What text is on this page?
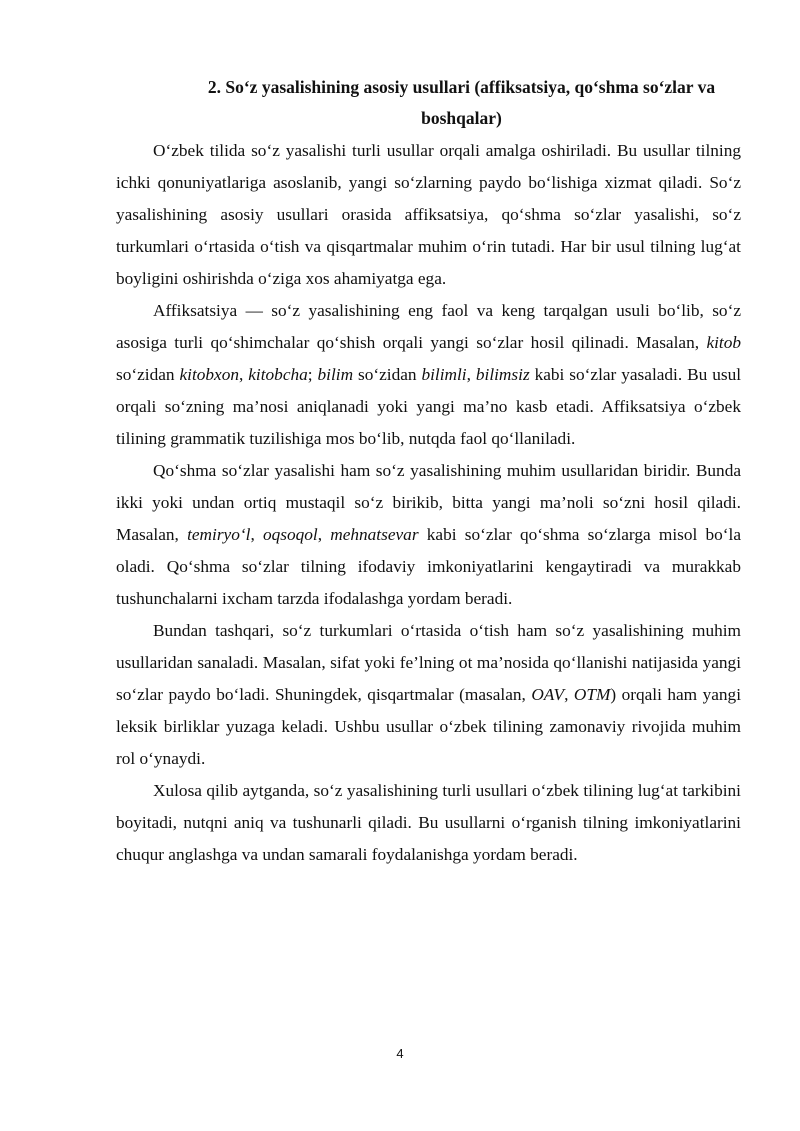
2. So‘z yasalishining asosiy usullari (affiksatsiya, qo‘shma so‘zlar va boshqalar)

O‘zbek tilida so‘z yasalishi turli usullar orqali amalga oshiriladi. Bu usullar tilning ichki qonuniyatlariga asoslanib, yangi so‘zlarning paydo bo‘lishiga xizmat qiladi. So‘z yasalishining asosiy usullari orasida affiksatsiya, qo‘shma so‘zlar yasalishi, so‘z turkumlari o‘rtasida o‘tish va qisqartmalar muhim o‘rin tutadi. Har bir usul tilning lug‘at boyligini oshirishda o‘ziga xos ahamiyatga ega.

Affiksatsiya — so‘z yasalishining eng faol va keng tarqalgan usuli bo‘lib, so‘z asosiga turli qo‘shimchalar qo‘shish orqali yangi so‘zlar hosil qilinadi. Masalan, kitob so‘zidan kitobxon, kitobcha; bilim so‘zidan bilimli, bilimsiz kabi so‘zlar yasaladi. Bu usul orqali so‘zning ma’nosi aniqlanadi yoki yangi ma’no kasb etadi. Affiksatsiya o‘zbek tilining grammatik tuzilishiga mos bo‘lib, nutqda faol qo‘llaniladi.

Qo‘shma so‘zlar yasalishi ham so‘z yasalishining muhim usullaridan biridir. Bunda ikki yoki undan ortiq mustaqil so‘z birikib, bitta yangi ma’noli so‘zni hosil qiladi. Masalan, temiryo‘l, oqsoqol, mehnatsevar kabi so‘zlar qo‘shma so‘zlarga misol bo‘la oladi. Qo‘shma so‘zlar tilning ifodaviy imkoniyatlarini kengaytiradi va murakkab tushunchalarni ixcham tarzda ifodalashga yordam beradi.

Bundan tashqari, so‘z turkumlari o‘rtasida o‘tish ham so‘z yasalishining muhim usullaridan sanaladi. Masalan, sifat yoki fe’lning ot ma’nosida qo‘llanishi natijasida yangi so‘zlar paydo bo‘ladi. Shuningdek, qisqartmalar (masalan, OAV, OTM) orqali ham yangi leksik birliklar yuzaga keladi. Ushbu usullar o‘zbek tilining zamonaviy rivojida muhim rol o‘ynaydi.

Xulosa qilib aytganda, so‘z yasalishining turli usullari o‘zbek tilining lug‘at tarkibini boyitadi, nutqni aniq va tushunarli qiladi. Bu usullarni o‘rganish tilning imkoniyatlarini chuqur anglashga va undan samarali foydalanishga yordam beradi.

4
